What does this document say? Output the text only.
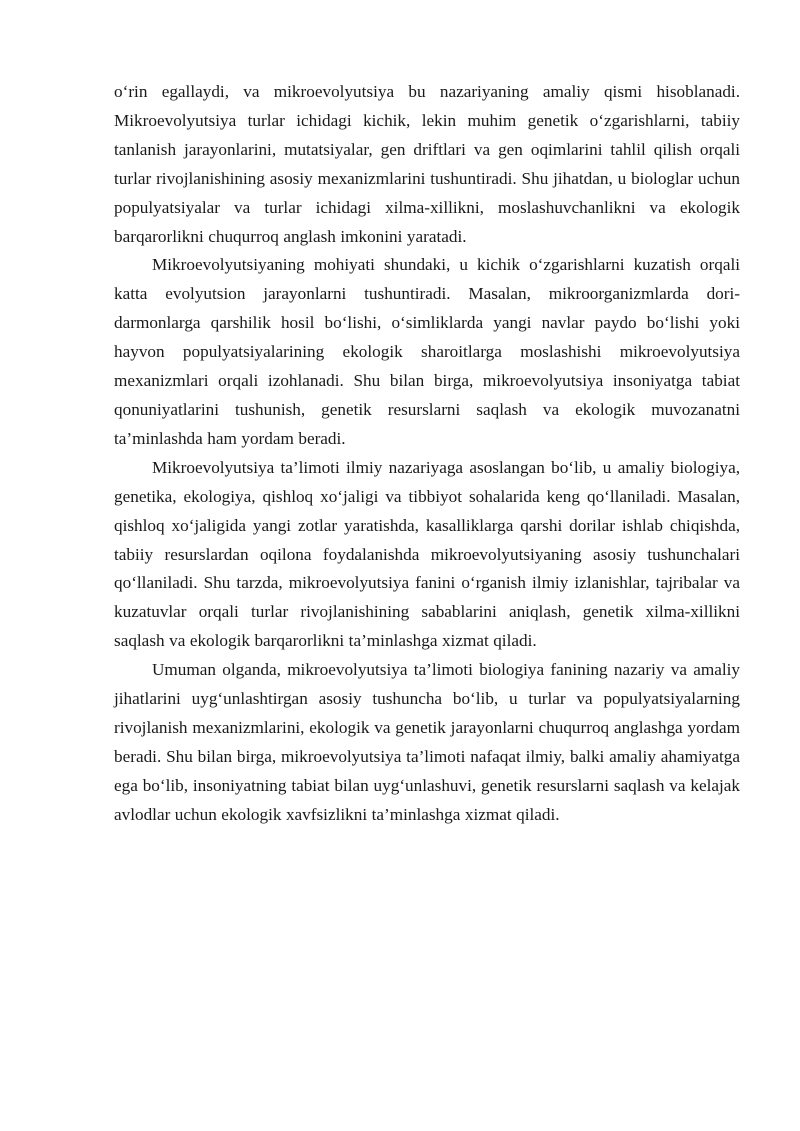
o‘rin egallaydi, va mikroevolyutsiya bu nazariyaning amaliy qismi hisoblanadi. Mikroevolyutsiya turlar ichidagi kichik, lekin muhim genetik o‘zgarishlarni, tabiiy tanlanish jarayonlarini, mutatsiyalar, gen driftlari va gen oqimlarini tahlil qilish orqali turlar rivojlanishining asosiy mexanizmlarini tushuntiradi. Shu jihatdan, u biologlar uchun populyatsiyalar va turlar ichidagi xilma-xillikni, moslashuvchanlikni va ekologik barqarorlikni chuqurroq anglash imkonini yaratadi.

Mikroevolyutsiyaning mohiyati shundaki, u kichik o‘zgarishlarni kuzatish orqali katta evolyutsion jarayonlarni tushuntiradi. Masalan, mikroorganizmlarda dori-darmonlarga qarshilik hosil bo‘lishi, o‘simliklarda yangi navlar paydo bo‘lishi yoki hayvon populyatsiyalarining ekologik sharoitlarga moslashishi mikroevolyutsiya mexanizmlari orqali izohlanadi. Shu bilan birga, mikroevolyutsiya insoniyatga tabiat qonuniyatlarini tushunish, genetik resurslarni saqlash va ekologik muvozanatni ta’minlashda ham yordam beradi.

Mikroevolyutsiya ta’limoti ilmiy nazariyaga asoslangan bo‘lib, u amaliy biologiya, genetika, ekologiya, qishloq xo‘jaligi va tibbiyot sohalarida keng qo‘llaniladi. Masalan, qishloq xo‘jaligida yangi zotlar yaratishda, kasalliklarga qarshi dorilar ishlab chiqishda, tabiiy resurslardan oqilona foydalanishda mikroevolyutsiyaning asosiy tushunchalari qo‘llaniladi. Shu tarzda, mikroevolyutsiya fanini o‘rganish ilmiy izlanishlar, tajribalar va kuzatuvlar orqali turlar rivojlanishining sabablarini aniqlash, genetik xilma-xillikni saqlash va ekologik barqarorlikni ta’minlashga xizmat qiladi.

Umuman olganda, mikroevolyutsiya ta’limoti biologiya fanining nazariy va amaliy jihatlarini uyg‘unlashtirgan asosiy tushuncha bo‘lib, u turlar va populyatsiyalarning rivojlanish mexanizmlarini, ekologik va genetik jarayonlarni chuqurroq anglashga yordam beradi. Shu bilan birga, mikroevolyutsiya ta’limoti nafaqat ilmiy, balki amaliy ahamiyatga ega bo‘lib, insoniyatning tabiat bilan uyg‘unlashuvi, genetik resurslarni saqlash va kelajak avlodlar uchun ekologik xavfsizlikni ta’minlashga xizmat qiladi.
